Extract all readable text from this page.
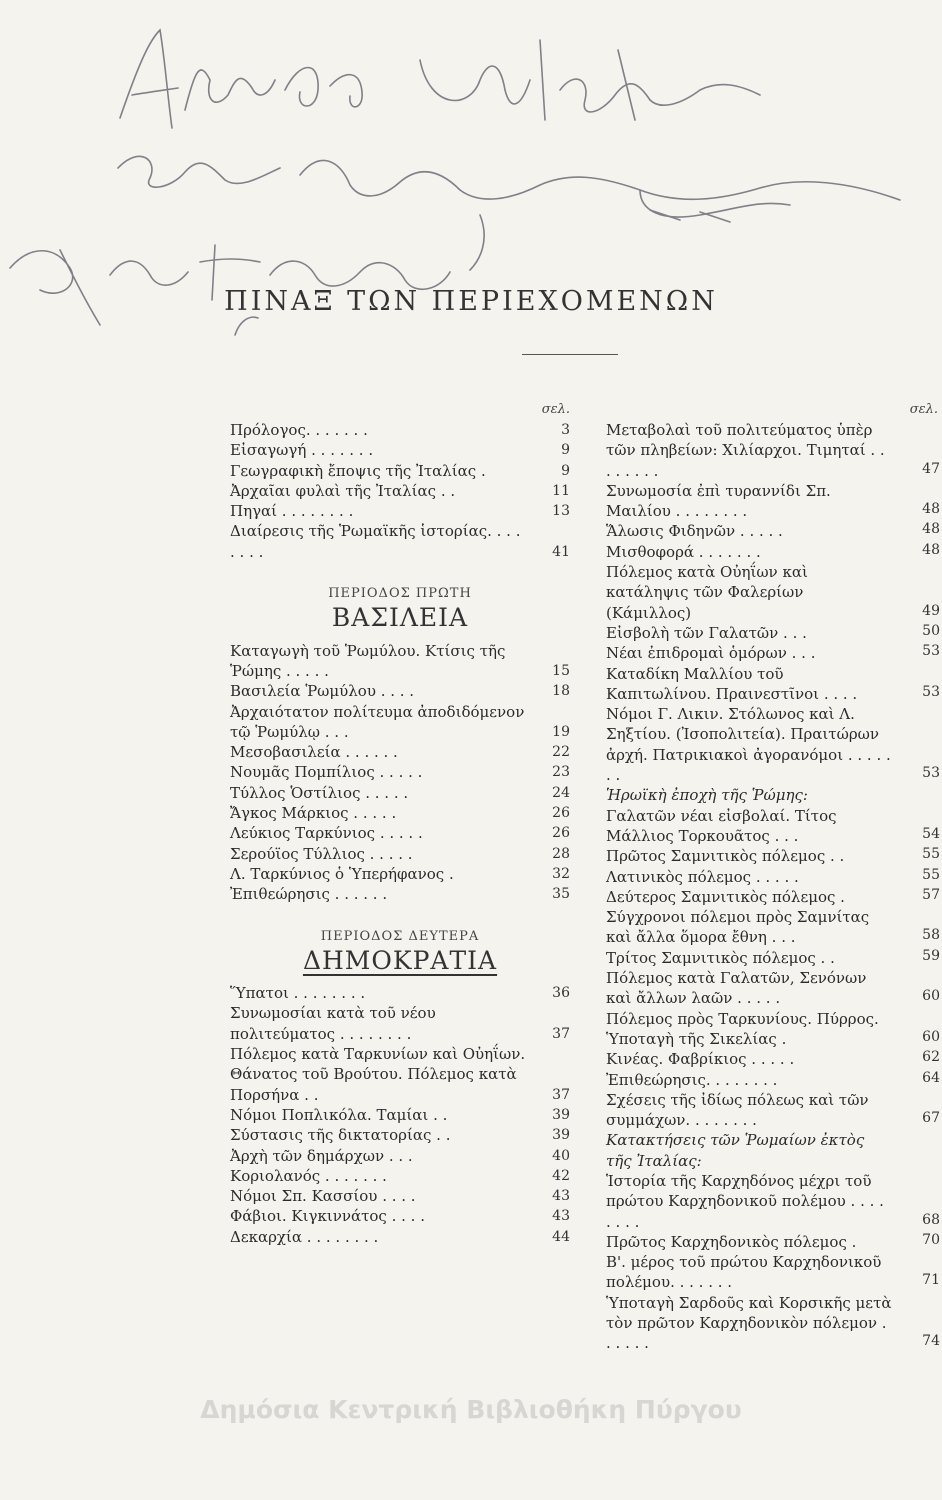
ΠΙΝΑΞ ΤΩΝ ΠΕΡΙΕΧΟΜΕΝΩΝ
σελ.
Πρόλογος. . . . . . .	3
Εἰσαγωγή . . . . . . .	9
Γεωγραφικὴ ἔποψις τῆς Ἰταλίας .	9
Ἀρχαῖαι φυλαὶ τῆς Ἰταλίας . .	11
Πηγαί . . . . . . . .	13
Διαίρεσις τῆς Ῥωμαϊκῆς ἱστορίας. . . . . . . .	41
ΠΕΡΙΟΔΟΣ ΠΡΩΤΗ
ΒΑΣΙΛΕΙΑ
Καταγωγὴ τοῦ Ῥωμύλου. Κτίσις τῆς Ῥώμης . . . . .	15
Βασιλεία Ῥωμύλου . . . .	18
Ἀρχαιότατον πολίτευμα ἀποδιδόμενον τῷ Ῥωμύλῳ . . .	19
Μεσοβασιλεία . . . . . .	22
Νουμᾶς Πομπίλιος . . . . .	23
Τύλλος Ὁστίλιος . . . . .	24
Ἄγκος Μάρκιος . . . . .	26
Λεύκιος Ταρκύνιος . . . . .	26
Σερούϊος Τύλλιος . . . . .	28
Λ. Ταρκύνιος ὁ Ὑπερήφανος .	32
Ἐπιθεώρησις . . . . . .	35
ΠΕΡΙΟΔΟΣ ΔΕΥΤΕΡΑ
ΔΗΜΟΚΡΑΤΙΑ
Ὕπατοι . . . . . . . .	36
Συνωμοσίαι κατὰ τοῦ νέου πολιτεύματος . . . . . . . .	37
Πόλεμος κατὰ Ταρκυνίων καὶ Οὐηΐων. Θάνατος τοῦ Βρούτου. Πόλεμος κατὰ Πορσήνα . .	37
Νόμοι Ποπλικόλα. Ταμίαι . .	39
Σύστασις τῆς δικτατορίας . .	39
Ἀρχὴ τῶν δημάρχων . . .	40
Κοριολανός . . . . . . .	42
Νόμοι Σπ. Κασσίου . . . .	43
Φάβιοι. Κιγκιννάτος . . . .	43
Δεκαρχία . . . . . . . .	44
σελ.
Μεταβολαὶ τοῦ πολιτεύματος ὑπὲρ τῶν πληβείων: Χιλίαρχοι. Τιμηταί . . . . . . . .	47
Συνωμοσία ἐπὶ τυραννίδι Σπ. Μαιλίου . . . . . . . .	48
Ἅλωσις Φιδηνῶν . . . . .	48
Μισθοφορά . . . . . . .	48
Πόλεμος κατὰ Οὐηΐων καὶ κατάληψις τῶν Φαλερίων (Κάμιλλος)	49
Εἰσβολὴ τῶν Γαλατῶν . . .	50
Νέαι ἐπιδρομαὶ ὁμόρων . . .	53
Καταδίκη Μαλλίου τοῦ Καπιτωλίνου. Πραινεστῖνοι . . . .	53
Νόμοι Γ. Λικιν. Στόλωνος καὶ Λ. Σηξτίου. (Ἰσοπολιτεία). Πραιτώρων ἀρχή. Πατρικιακοὶ ἀγορανόμοι . . . . . . .	53
Ἡρωϊκὴ ἐποχὴ τῆς Ῥώμης:
Γαλατῶν νέαι εἰσβολαί. Τίτος Μάλλιος Τορκουᾶτος . . .	54
Πρῶτος Σαμνιτικὸς πόλεμος . .	55
Λατινικὸς πόλεμος . . . . .	55
Δεύτερος Σαμνιτικὸς πόλεμος .	57
Σύγχρονοι πόλεμοι πρὸς Σαμνίτας καὶ ἄλλα ὅμορα ἔθνη . . .	58
Τρίτος Σαμνιτικὸς πόλεμος . .	59
Πόλεμος κατὰ Γαλατῶν, Σενόνων καὶ ἄλλων λαῶν . . . . .	60
Πόλεμος πρὸς Ταρκυνίους. Πύρρος. Ὑποταγὴ τῆς Σικελίας .	60
Κινέας. Φαβρίκιος . . . . .	62
Ἐπιθεώρησις. . . . . . . .	64
Σχέσεις τῆς ἰδίως πόλεως καὶ τῶν συμμάχων. . . . . . . .	67
Κατακτήσεις τῶν Ῥωμαίων ἐκτὸς τῆς Ἰταλίας:
Ἱστορία τῆς Καρχηδόνος μέχρι τοῦ πρώτου Καρχηδονικοῦ πολέμου . . . . . . . .	68
Πρῶτος Καρχηδονικὸς πόλεμος .	70
Β'. μέρος τοῦ πρώτου Καρχηδονικοῦ πολέμου. . . . . . .	71
Ὑποταγὴ Σαρδοῦς καὶ Κορσικῆς μετὰ τὸν πρῶτον Καρχηδονικὸν πόλεμον . . . . . .	74
Δημόσια Κεντρική Βιβλιοθήκη Πύργου
